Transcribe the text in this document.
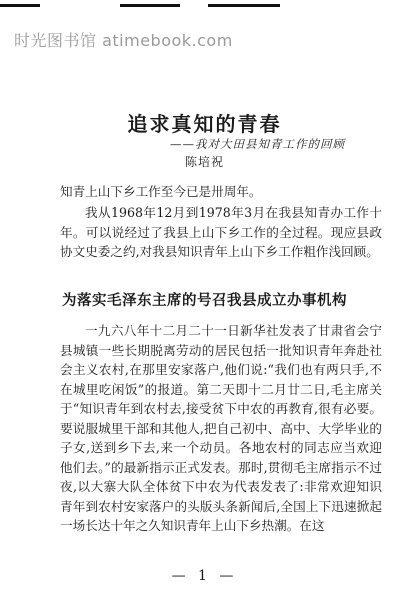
时光图书馆 atimebook.com
追求真知的青春
——我对大田县知青工作的回顾
陈培祝
知青上山下乡工作至今已是卅周年。
我从1968年12月到1978年3月在我县知青办工作十年。可以说经过了我县上山下乡工作的全过程。现应县政协文史委之约,对我县知识青年上山下乡工作粗作浅回顾。
为落实毛泽东主席的号召我县成立办事机构
一九六八年十二月二十一日新华社发表了甘肃省会宁县城镇一些长期脱离劳动的居民包括一批知识青年奔赴社会主义农村,在那里安家落户,他们说:“我们也有两只手,不在城里吃闲饭”的报道。第二天即十二月廿二日,毛主席关于“知识青年到农村去,接受贫下中农的再教育,很有必要。要说服城里干部和其他人,把自己初中、高中、大学毕业的子女,送到乡下去,来一个动员。各地农村的同志应当欢迎他们去。”的最新指示正式发表。那时,贯彻毛主席指示不过夜,以大寨大队全体贫下中农为代表发表了:非常欢迎知识青年到农村安家落户的头版头条新闻后,全国上下迅速掀起一场长达十年之久知识青年上山下乡热潮。在这
— 1 —
